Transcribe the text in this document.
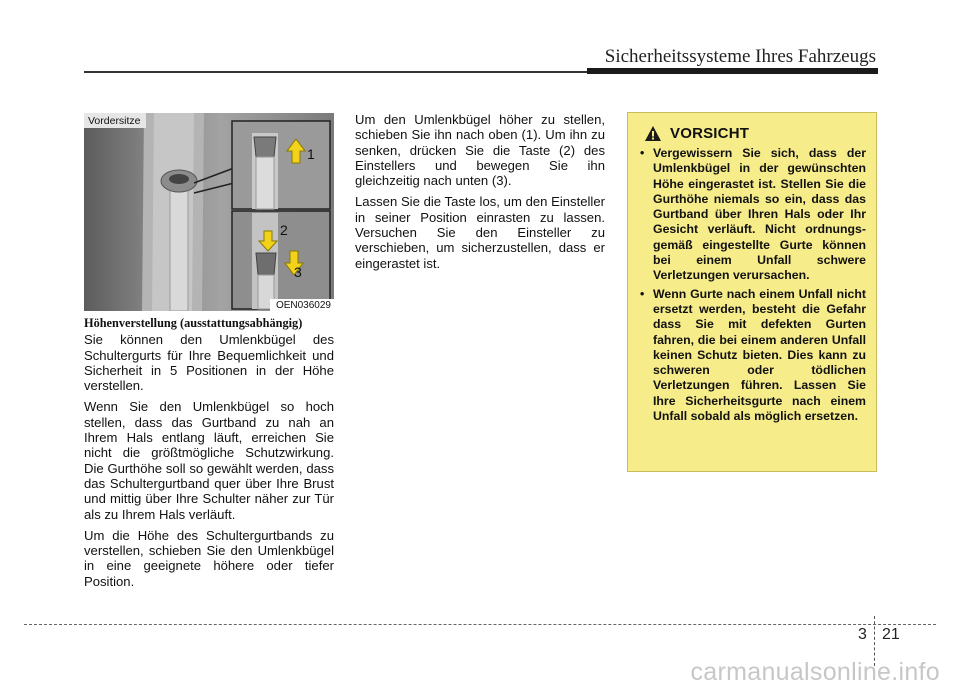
Sicherheitssysteme Ihres Fahrzeugs
1
2
3
Vordersitze
OEN036029
Höhenverstellung (ausstattungsabhängig)

Sie können den Umlenkbügel des Schultergurts für Ihre Bequemlichkeit und Sicherheit in 5 Positionen in der Höhe verstellen.

Wenn Sie den Umlenkbügel so hoch stellen, dass das Gurtband zu nah an Ihrem Hals entlang läuft, erreichen Sie nicht die größtmögliche Schutzwirkung. Die Gurthöhe soll so gewählt werden, dass das Schultergurtband quer über Ihre Brust und mittig über Ihre Schulter näher zur Tür als zu Ihrem Hals verläuft.

Um die Höhe des Schultergurtbands zu verstellen, schieben Sie den Umlenkbügel in eine geeignete höhere oder tiefer Position.

Um den Umlenkbügel höher zu stellen, schieben Sie ihn nach oben (1). Um ihn zu senken, drücken Sie die Taste (2) des Einstellers und bewegen Sie ihn gleichzeitig nach unten (3).

Lassen Sie die Taste los, um den Einsteller in seiner Position einrasten zu lassen. Versuchen Sie den Einsteller zu verschieben, um sicherzustellen, dass er eingerastet ist.

VORSICHT
• Vergewissern Sie sich, dass der Umlenkbügel in der gewünschten Höhe eingerastet ist. Stellen Sie die Gurthöhe niemals so ein, dass das Gurtband über Ihren Hals oder Ihr Gesicht verläuft. Nicht ordnungs-gemäß eingestellte Gurte können bei einem Unfall schwere Verletzungen verursachen.
• Wenn Gurte nach einem Unfall nicht ersetzt werden, besteht die Gefahr dass Sie mit defekten Gurten fahren, die bei einem anderen Unfall keinen Schutz bieten. Dies kann zu schweren oder tödlichen Verletzungen führen. Lassen Sie Ihre Sicherheitsgurte nach einem Unfall sobald als möglich ersetzen.
3 21
carmanualsonline.info
